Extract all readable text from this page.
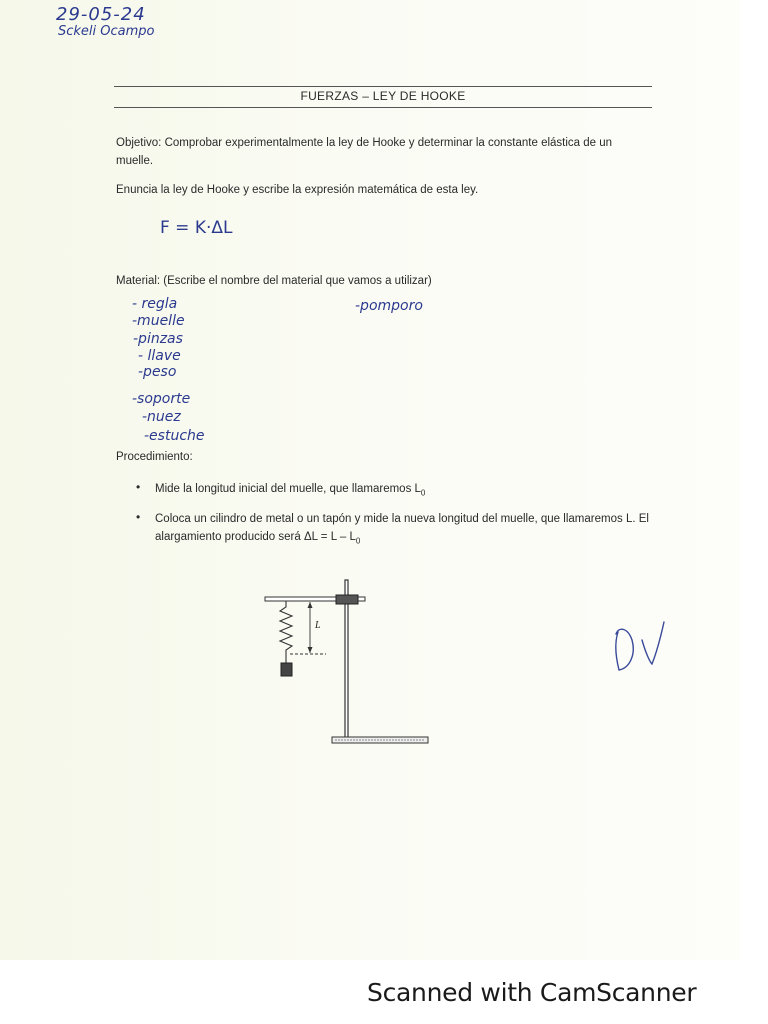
29-05-24
Sckeli Ocampo
FUERZAS – LEY DE HOOKE
Objetivo: Comprobar experimentalmente la ley de Hooke y determinar la constante elástica de un muelle.
Enuncia la ley de Hooke y escribe la expresión matemática de esta ley.
F = K·ΔL
Material: (Escribe el nombre del material que vamos a utilizar)
- regla
-muelle
-pinzas
- llave
-peso
-soporte
-nuez
-estuche
-pomporo
Procedimiento:
• Mide la longitud inicial del muelle, que llamaremos $L_0$
• Coloca un cilindro de metal o un tapón y mide la nueva longitud del muelle, que llamaremos L. El alargamiento producido será $\Delta L = L - L_0$
L
Scanned with CamScanner
